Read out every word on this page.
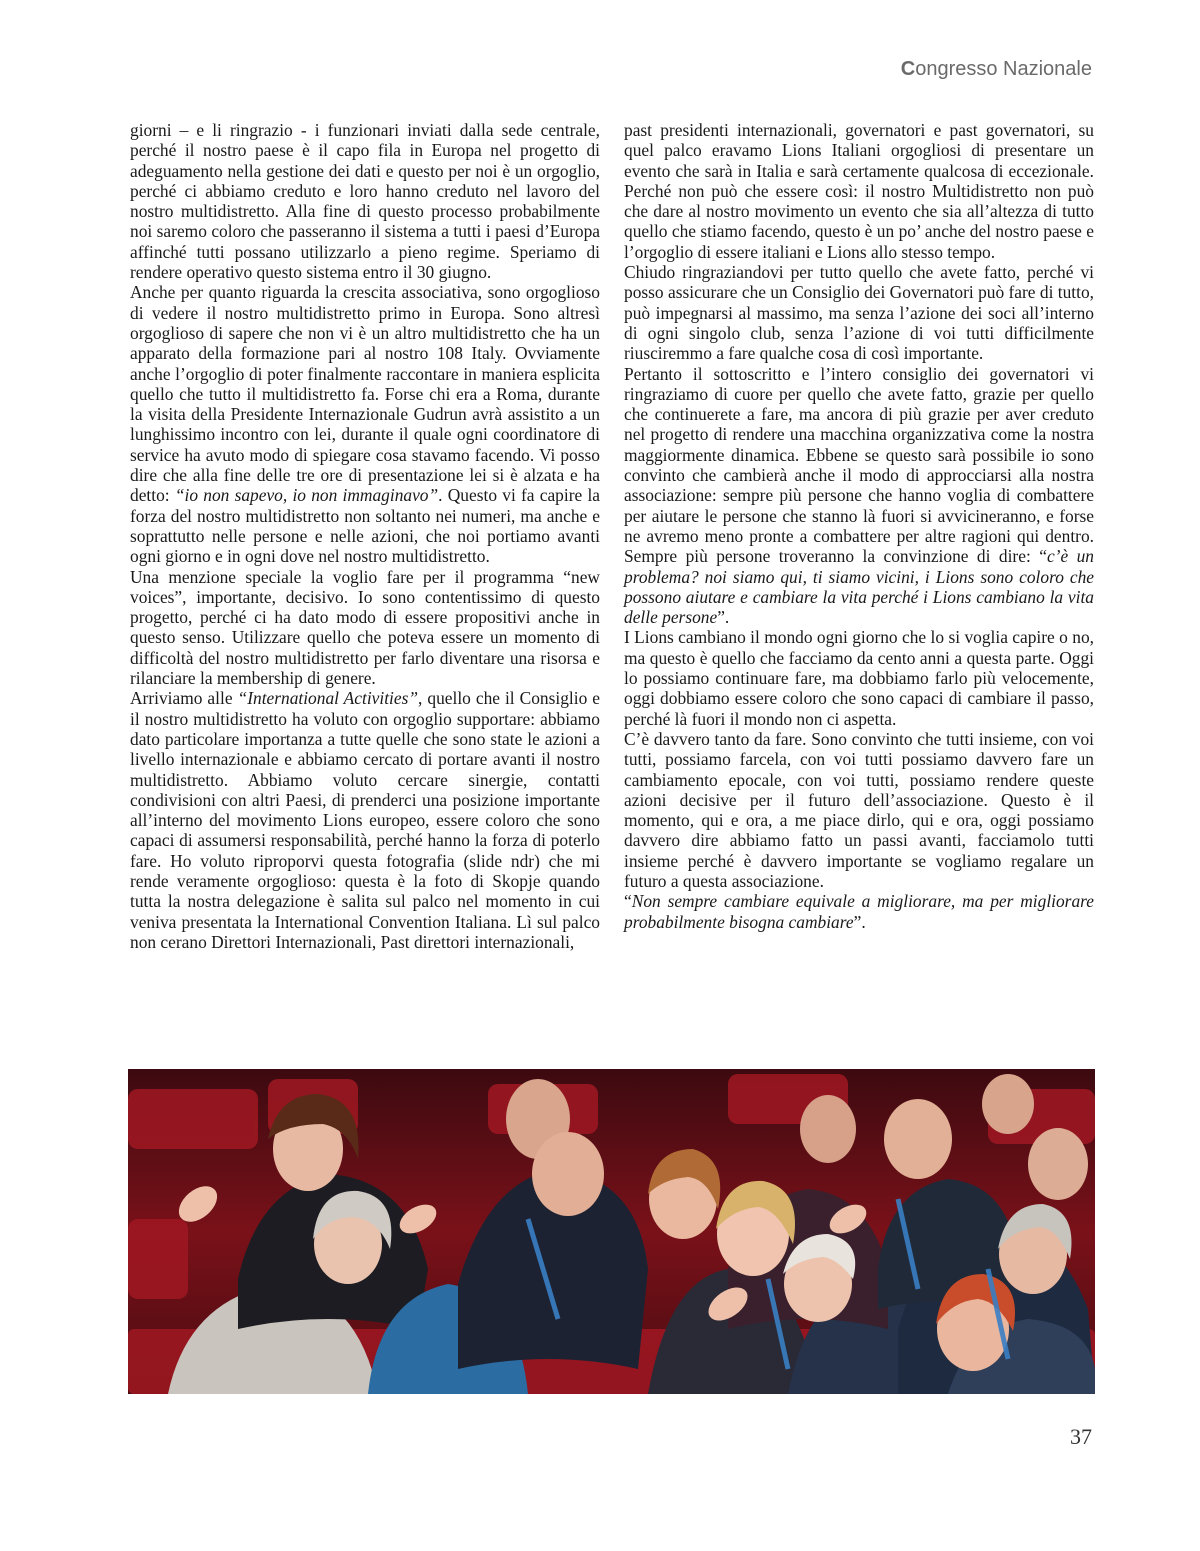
Congresso Nazionale

giorni – e li ringrazio - i funzionari inviati dalla sede centrale, perché il nostro paese è il capo fila in Europa nel progetto di adeguamento nella gestione dei dati e questo per noi è un orgoglio, perché ci abbiamo creduto e loro hanno creduto nel lavoro del nostro multidistretto. Alla fine di questo processo probabilmente noi saremo coloro che passeranno il sistema a tutti i paesi d’Europa affinché tutti possano utilizzarlo a pieno regime. Speriamo di rendere operativo questo sistema entro il 30 giugno.

Anche per quanto riguarda la crescita associativa, sono orgoglioso di vedere il nostro multidistretto primo in Europa. Sono altresì orgoglioso di sapere che non vi è un altro multidistretto che ha un apparato della formazione pari al nostro 108 Italy. Ovviamente anche l’orgoglio di poter finalmente raccontare in maniera esplicita quello che tutto il multidistretto fa. Forse chi era a Roma, durante la visita della Presidente Internazionale Gudrun avrà assistito a un lunghissimo incontro con lei, durante il quale ogni coordinatore di service ha avuto modo di spiegare cosa stavamo facendo. Vi posso dire che alla fine delle tre ore di presentazione lei si è alzata e ha detto: “io non sapevo, io non immaginavo”. Questo vi fa capire la forza del nostro multidistretto non soltanto nei numeri, ma anche e soprattutto nelle persone e nelle azioni, che noi portiamo avanti ogni giorno e in ogni dove nel nostro multidistretto.

Una menzione speciale la voglio fare per il programma “new voices”, importante, decisivo. Io sono contentissimo di questo progetto, perché ci ha dato modo di essere propositivi anche in questo senso. Utilizzare quello che poteva essere un momento di difficoltà del nostro multidistretto per farlo diventare una risorsa e rilanciare la membership di genere.

Arriviamo alle “International Activities”, quello che il Consiglio e il nostro multidistretto ha voluto con orgoglio supportare: abbiamo dato particolare importanza a tutte quelle che sono state le azioni a livello internazionale e abbiamo cercato di portare avanti il nostro multidistretto. Abbiamo voluto cercare sinergie, contatti condivisioni con altri Paesi, di prenderci una posizione importante all’interno del movimento Lions europeo, essere coloro che sono capaci di assumersi responsabilità, perché hanno la forza di poterlo fare. Ho voluto riproporvi questa fotografia (slide ndr) che mi rende veramente orgoglioso: questa è la foto di Skopje quando tutta la nostra delegazione è salita sul palco nel momento in cui veniva presentata la International Convention Italiana. Lì sul palco non cerano Direttori Internazionali, Past direttori internazionali,

past presidenti internazionali, governatori e past governatori, su quel palco eravamo Lions Italiani orgogliosi di presentare un evento che sarà in Italia e sarà certamente qualcosa di eccezionale. Perché non può che essere così: il nostro Multidistretto non può che dare al nostro movimento un evento che sia all’altezza di tutto quello che stiamo facendo, questo è un po’ anche del nostro paese e l’orgoglio di essere italiani e Lions allo stesso tempo.

Chiudo ringraziandovi per tutto quello che avete fatto, perché vi posso assicurare che un Consiglio dei Governatori può fare di tutto, può impegnarsi al massimo, ma senza l’azione dei soci all’interno di ogni singolo club, senza l’azione di voi tutti difficilmente riusciremmo a fare qualche cosa di così importante.

Pertanto il sottoscritto e l’intero consiglio dei governatori vi ringraziamo di cuore per quello che avete fatto, grazie per quello che continuerete a fare, ma ancora di più grazie per aver creduto nel progetto di rendere una macchina organizzativa come la nostra maggiormente dinamica. Ebbene se questo sarà possibile io sono convinto che cambierà anche il modo di approcciarsi alla nostra associazione: sempre più persone che hanno voglia di combattere per aiutare le persone che stanno là fuori si avvicineranno, e forse ne avremo meno pronte a combattere per altre ragioni qui dentro. Sempre più persone troveranno la convinzione di dire: “c’è un problema? noi siamo qui, ti siamo vicini, i Lions sono coloro che possono aiutare e cambiare la vita perché i Lions cambiano la vita delle persone”.

I Lions cambiano il mondo ogni giorno che lo si voglia capire o no, ma questo è quello che facciamo da cento anni a questa parte. Oggi lo possiamo continuare fare, ma dobbiamo farlo più velocemente, oggi dobbiamo essere coloro che sono capaci di cambiare il passo, perché là fuori il mondo non ci aspetta.

C’è davvero tanto da fare. Sono convinto che tutti insieme, con voi tutti, possiamo farcela, con voi tutti possiamo davvero fare un cambiamento epocale, con voi tutti, possiamo rendere queste azioni decisive per il futuro dell’associazione. Questo è il momento, qui e ora, a me piace dirlo, qui e ora, oggi possiamo davvero dire abbiamo fatto un passi avanti, facciamolo tutti insieme perché è davvero importante se vogliamo regalare un futuro a questa associazione.

“Non sempre cambiare equivale a migliorare, ma per migliorare probabilmente bisogna cambiare”.

37
